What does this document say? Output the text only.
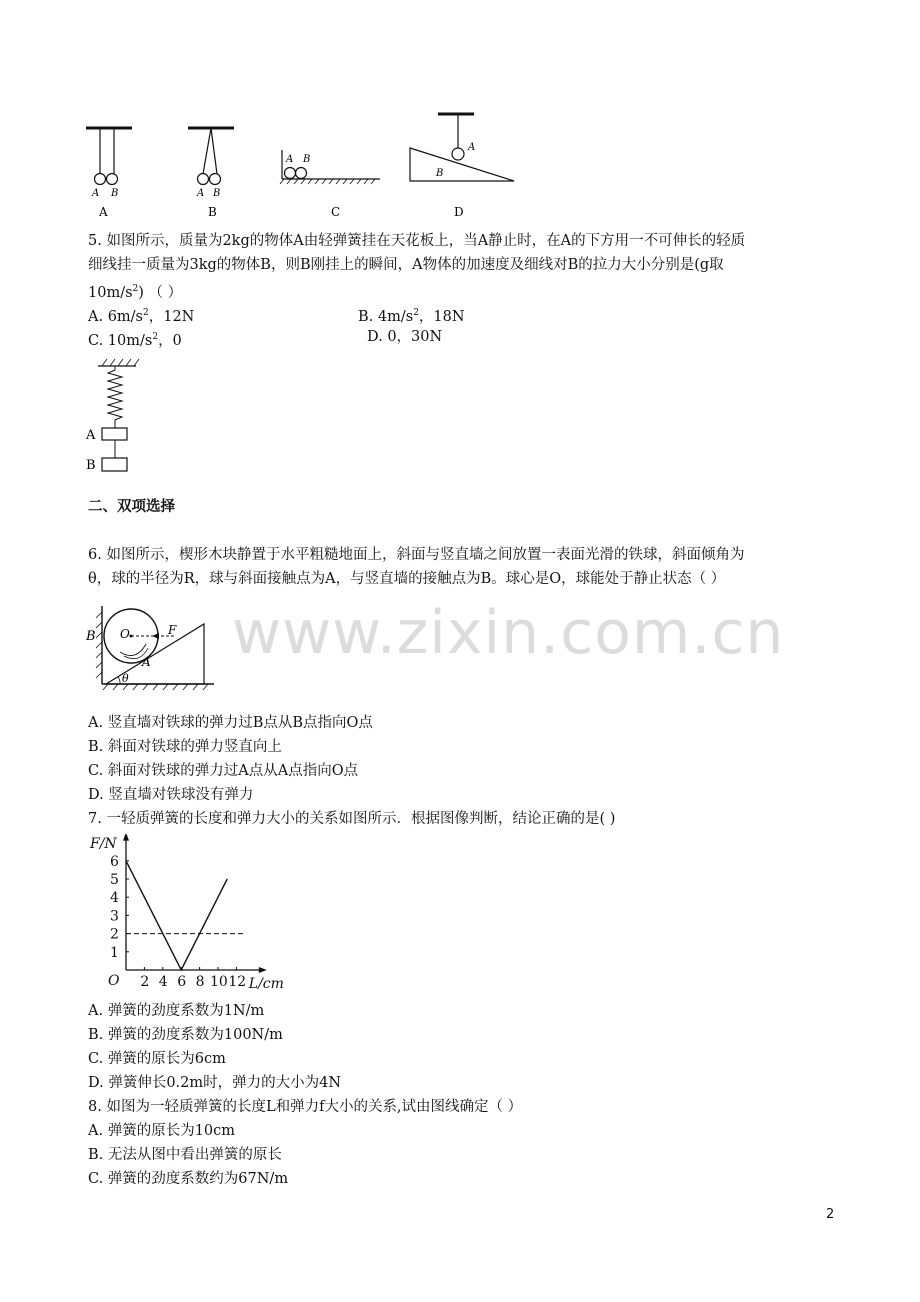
A B
A
A B
B
A B
C
A
B
D
5. 如图所示，质量为2kg的物体A由轻弹簧挂在天花板上，当A静止时，在A的下方用一不可伸长的轻质
细线挂一质量为3kg的物体B，则B刚挂上的瞬间，A物体的加速度及细线对B的拉力大小分别是(g取
$10m/s^2$) （ ）
A. $6m/s^2$，12N	B. $4m/s^2$，18N
C. $10m/s^2$，0	D. 0，30N
A
B
二、双项选择
6. 如图所示，楔形木块静置于水平粗糙地面上，斜面与竖直墙之间放置一表面光滑的铁球，斜面倾角为
θ，球的半径为R，球与斜面接触点为A，与竖直墙的接触点为B。球心是O，球能处于静止状态（ ）
B O	F
A
θ
www.zixin.com.cn
A. 竖直墙对铁球的弹力过B点从B点指向O点
B. 斜面对铁球的弹力竖直向上
C. 斜面对铁球的弹力过A点从A点指向O点
D. 竖直墙对铁球没有弹力
7. 一轻质弹簧的长度和弹力大小的关系如图所示．根据图像判断，结论正确的是( )
F/N
L/cm
O 2 4 6 8 10 12
1
2
3
4
5
6
A. 弹簧的劲度系数为1N/m
B. 弹簧的劲度系数为100N/m
C. 弹簧的原长为6cm
D. 弹簧伸长0.2m时，弹力的大小为4N
8. 如图为一轻质弹簧的长度L和弹力f大小的关系,试由图线确定（ ）
A. 弹簧的原长为10cm
B. 无法从图中看出弹簧的原长
C. 弹簧的劲度系数约为67N/m
2
